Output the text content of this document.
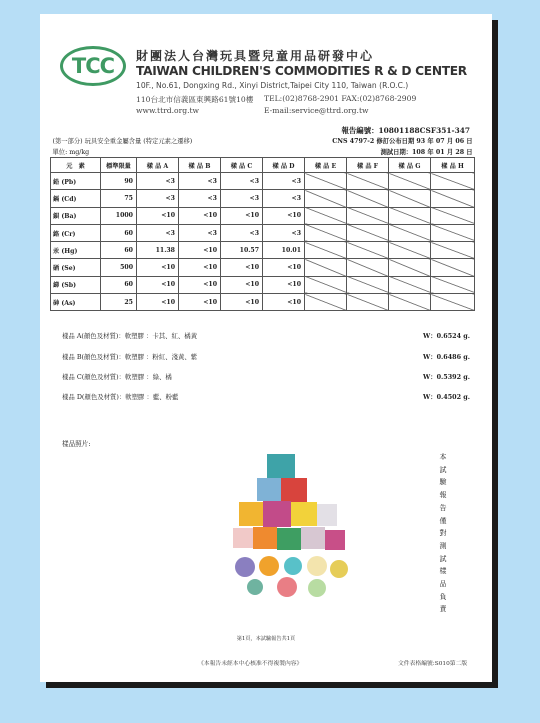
TCC 財團法人台灣玩具暨兒童用品研發中心
TAIWAN CHILDREN'S COMMODITIES R & D CENTER
10F., No.61, Dongxing Rd., Xinyi District,Taipei City 110, Taiwan (R.O.C.)
110台北市信義區東興路61號10樓 TEL:(02)8768-2901 FAX:(02)8768-2909
www.ttrd.org.tw	E-mail:service@ttrd.org.tw
報告編號：10801188CSF351-347
(第一部分) 玩具安全重金屬含量 (特定元素之遷移)					CNS 4797-2 修訂公布日期 93 年 07 月 06 日				
單位: mg/kg					測試日期：108 年 01 月 28 日				
元　素	標準限量	樣 品 A	樣 品 B	樣 品 C	樣 品 D	樣 品 E	樣 品 F	樣 品 G	樣 品 H
鉛 (Pb)	90	<3	<3	<3	<3				
鎘 (Cd)	75	<3	<3	<3	<3				
鋇 (Ba)	1000	<10	<10	<10	<10				
鉻 (Cr)	60	<3	<3	<3	<3				
汞 (Hg)	60	11.38	<10	10.57	10.01				
硒 (Se)	500	<10	<10	<10	<10				
銻 (Sb)	60	<10	<10	<10	<10				
砷 (As)	25	<10	<10	<10	<10				
樣品 A(顏色及材質)：軟塑膠 ：卡其、紅、橘黃	W：0.6524 g.
樣品 B(顏色及材質)：軟塑膠 ：粉紅、淺黃、紫	W：0.6486 g.
樣品 C(顏色及材質)：軟塑膠 ：綠、橘	W：0.5392 g.
樣品 D(顏色及材質)：軟塑膠 ：藍、粉藍	W：0.4502 g.
樣品照片:
本試驗報告僅對測試樣品負責
第1頁，本試驗報告共1頁
《本報告未經本中心核准不得複製內容》	文件表格編號:S010第二版
